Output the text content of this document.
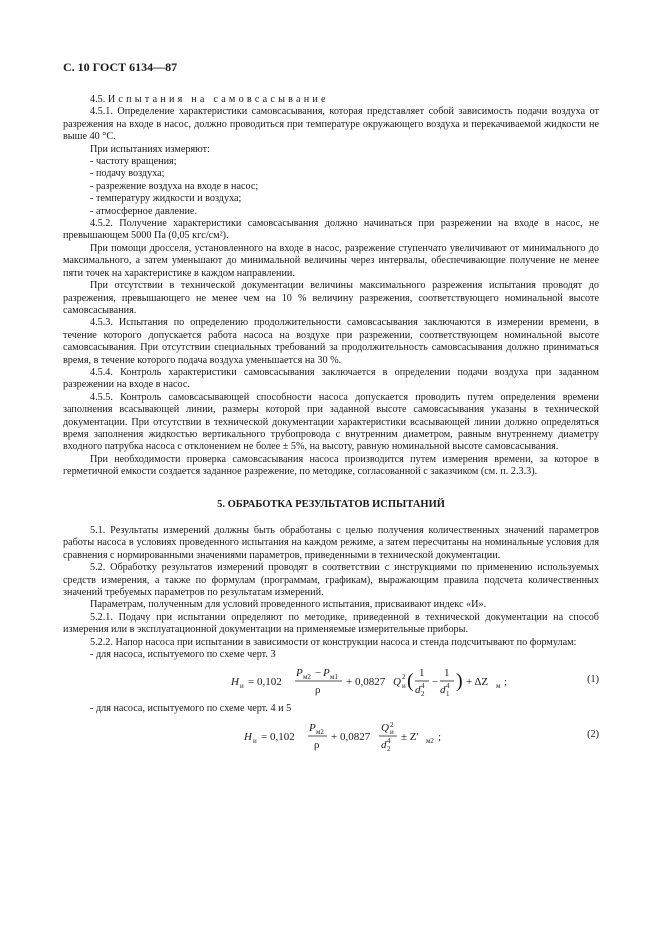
С. 10 ГОСТ 6134—87

4.5. Испытания на самовсасывание

4.5.1. Определение характеристики самовсасывания, которая представляет собой зависимость подачи воздуха от разрежения на входе в насос, должно проводиться при температуре окружающего воздуха и перекачиваемой жидкости не выше 40 °С.

При испытаниях измеряют:

- частоту вращения;

- подачу воздуха;

- разрежение воздуха на входе в насос;

- температуру жидкости и воздуха;

- атмосферное давление.

4.5.2. Получение характеристики самовсасывания должно начинаться при разрежении на входе в насос, не превышающем 5000 Па (0,05 кгс/см²).

При помощи дросселя, установленного на входе в насос, разрежение ступенчато увеличивают от минимального до максимального, а затем уменьшают до минимальной величины через интервалы, обеспечивающие получение не менее пяти точек на характеристике в каждом направлении.

При отсутствии в технической документации величины максимального разрежения испытания проводят до разрежения, превышающего не менее чем на 10 % величину разрежения, соответствующего номинальной высоте самовсасывания.

4.5.3. Испытания по определению продолжительности самовсасывания заключаются в измерении времени, в течение которого допускается работа насоса на воздухе при разрежении, соответствующем номинальной высоте самовсасывания. При отсутствии специальных требований за продолжительность самовсасывания должно приниматься время, в течение которого подача воздуха уменьшается на 30 %.

4.5.4. Контроль характеристики самовсасывания заключается в определении подачи воздуха при заданном разрежении на входе в насос.

4.5.5. Контроль самовсасывающей способности насоса допускается проводить путем определения времени заполнения всасывающей линии, размеры которой при заданной высоте самовсасывания указаны в технической документации. При отсутствии в технической документации характеристики всасывающей линии должно определяться время заполнения жидкостью вертикального трубопровода с внутренним диаметром, равным внутреннему диаметру входного патрубка насоса с отклонением не более ± 5%, на высоту, равную номинальной высоте самовсасывания.

При необходимости проверка самовсасывания насоса производится путем измерения времени, за которое в герметичной емкости создается заданное разрежение, по методике, согласованной с заказчиком (см. п. 2.3.3).

5. ОБРАБОТКА РЕЗУЛЬТАТОВ ИСПЫТАНИЙ

5.1. Результаты измерений должны быть обработаны с целью получения количественных значений параметров работы насоса в условиях проведенного испытания на каждом режиме, а затем пересчитаны на номинальные условия для сравнения с нормированными значениями параметров, приведенными в технической документации.

5.2. Обработку результатов измерений проводят в соответствии с инструкциями по применению используемых средств измерения, а также по формулам (программам, графикам), выражающим правила подсчета количественных значений требуемых параметров по результатам измерений.

Параметрам, полученным для условий проведенного испытания, присваивают индекс «И».

5.2.1. Подачу при испытании определяют по методике, приведенной в технической документации на способ измерения или в эксплуатационной документации на применяемые измерительные приборы.

5.2.2. Напор насоса при испытании в зависимости от конструкции насоса и стенда подсчитывают по формулам:

- для насоса, испытуемого по схеме черт. 3

H и = 0,102
P м2 − P м1
ρ
+ 0,0827 Q 2
и ( 1
d 4
2
−
1
d 4
1
) + ΔZ м ;	(1)

- для насоса, испытуемого по схеме черт. 4 и 5

H и = 0,102
P м2
ρ
+ 0,0827
Q 2
и
d 4
2
± Z′ м2 ;	(2)
